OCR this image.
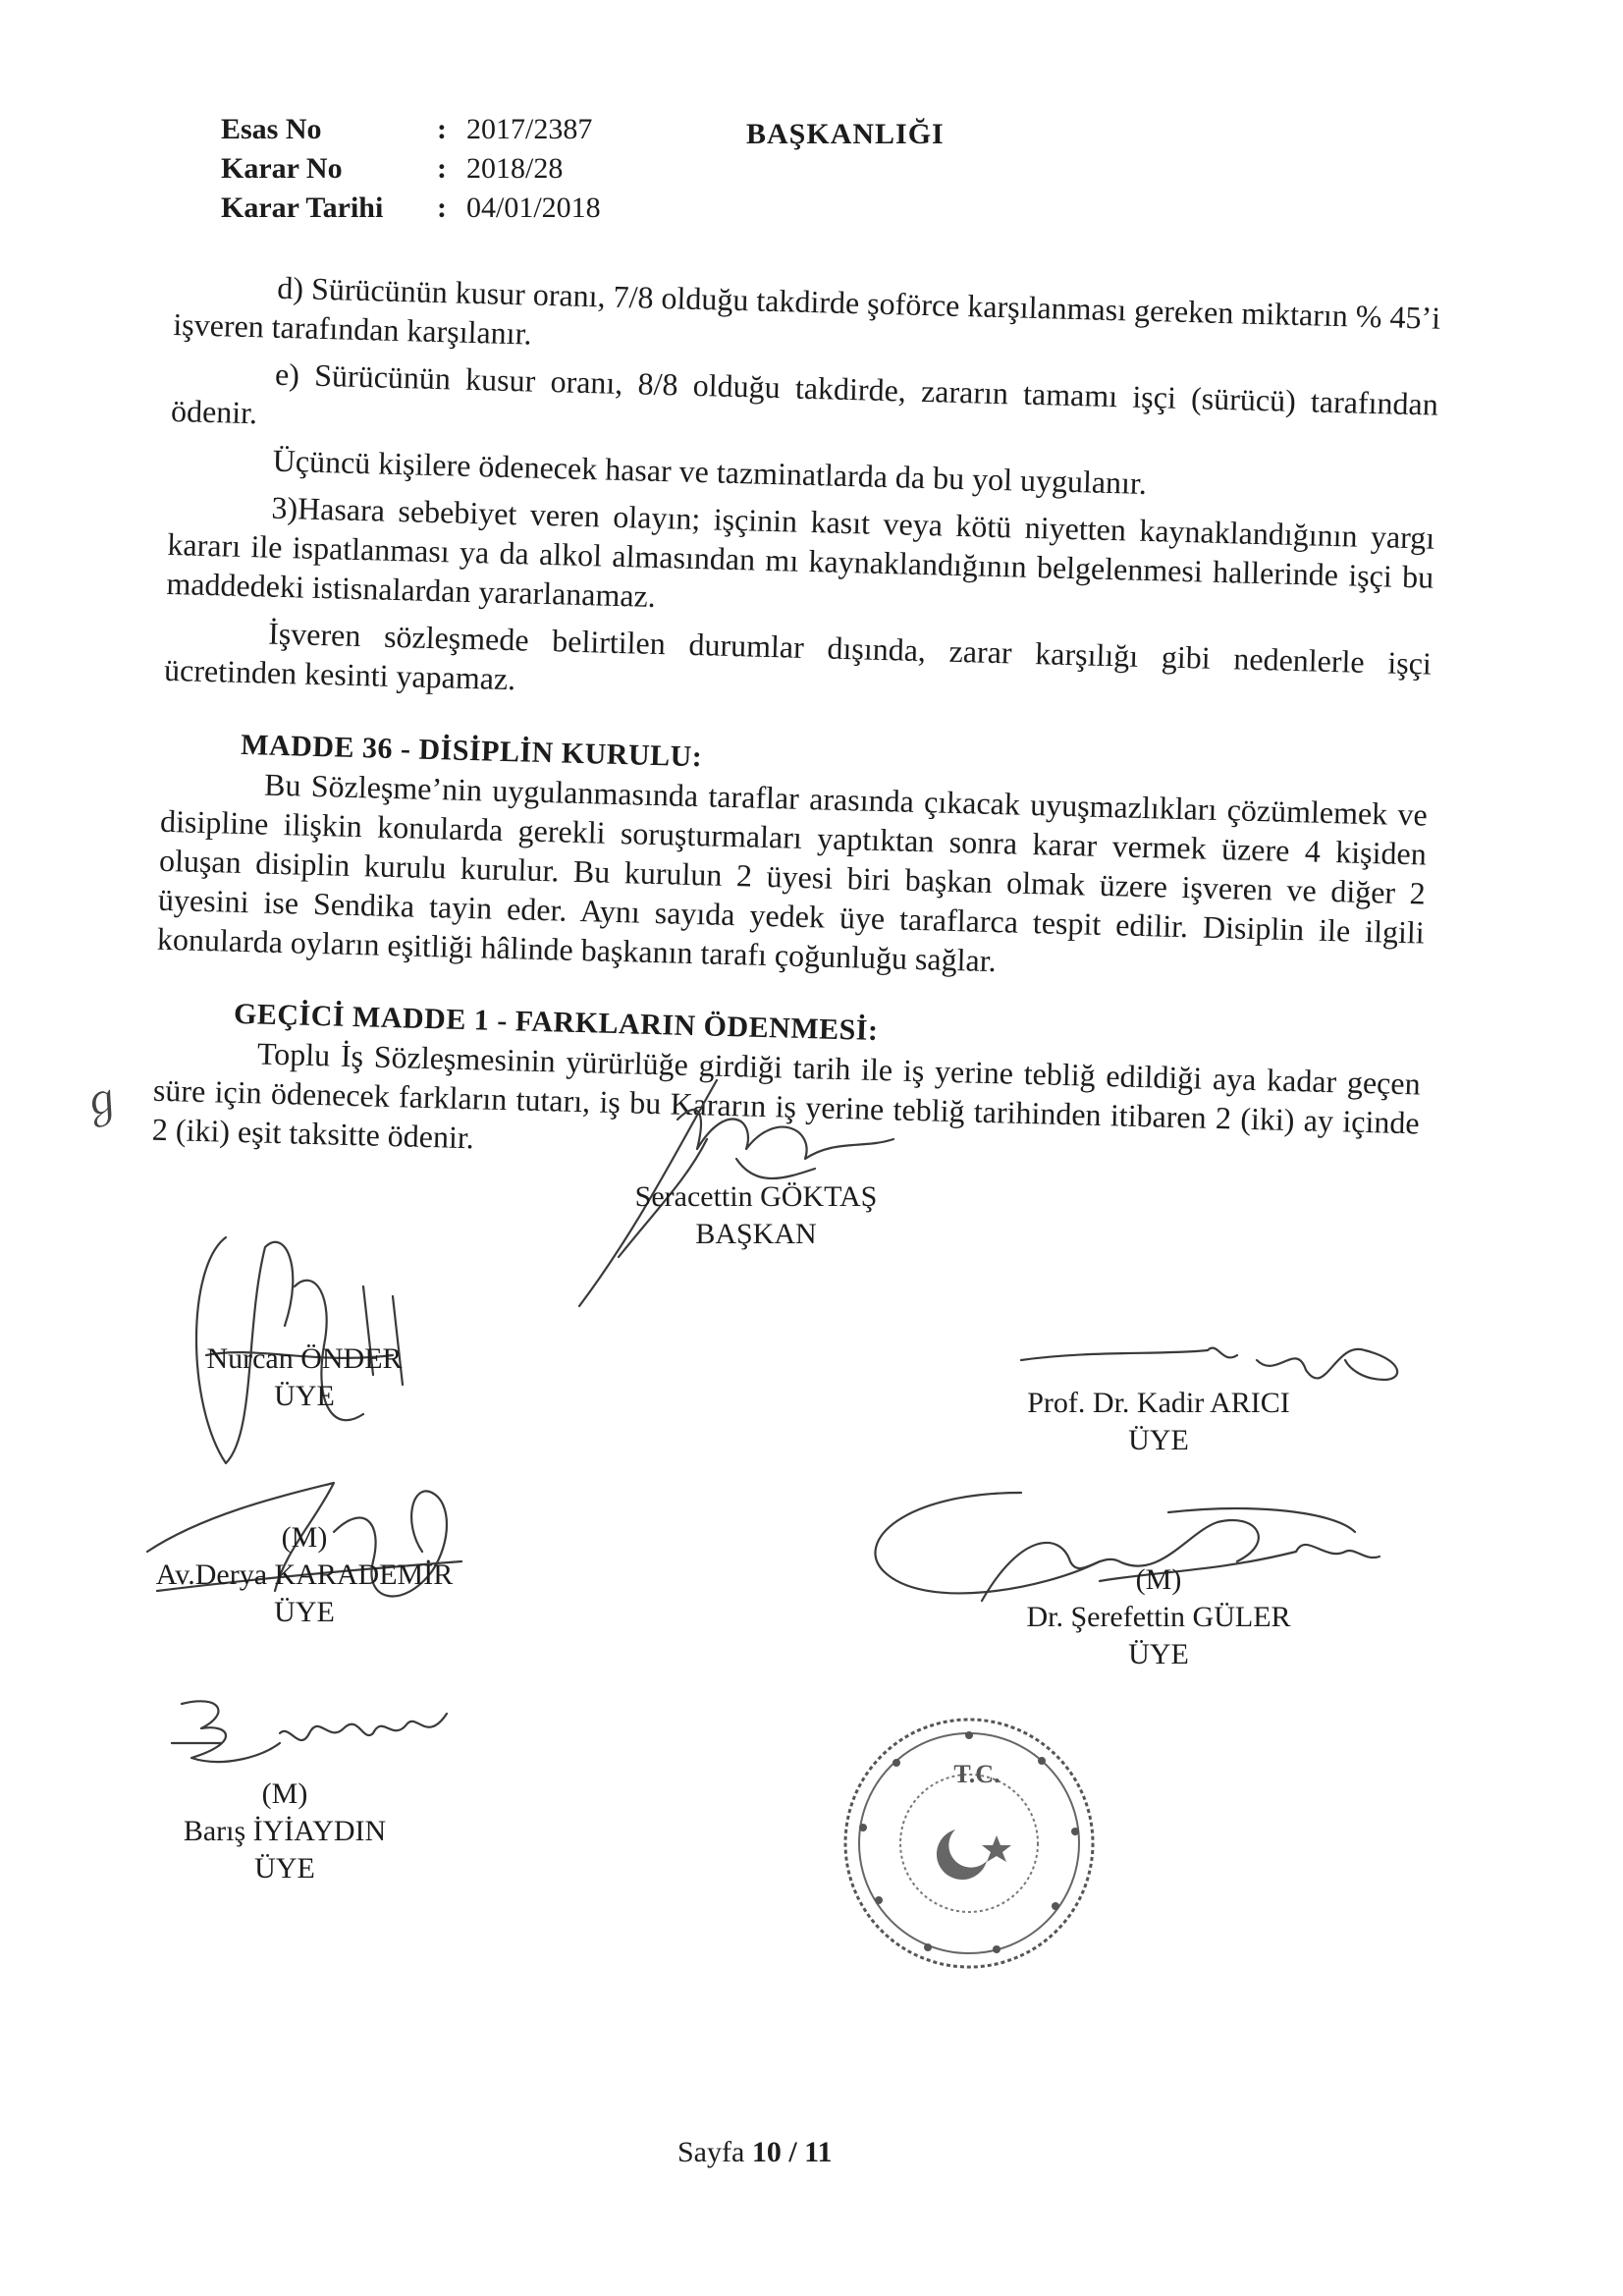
Esas No	: 2017/2387
Karar No	: 2018/28
Karar Tarihi : 04/01/2018
BAŞKANLIĞI

d) Sürücünün kusur oranı, 7/8 olduğu takdirde şoförce karşılanması gereken miktarın % 45’i işveren tarafından karşılanır.

e) Sürücünün kusur oranı, 8/8 olduğu takdirde, zararın tamamı işçi (sürücü) tarafından ödenir.

Üçüncü kişilere ödenecek hasar ve tazminatlarda da bu yol uygulanır.

3)Hasara sebebiyet veren olayın; işçinin kasıt veya kötü niyetten kaynaklandığının yargı kararı ile ispatlanması ya da alkol almasından mı kaynaklandığının belgelenmesi hallerinde işçi bu maddedeki istisnalardan yararlanamaz.

İşveren sözleşmede belirtilen durumlar dışında, zarar karşılığı gibi nedenlerle işçi ücretinden kesinti yapamaz.

MADDE 36 - DİSİPLİN KURULU:

Bu Sözleşme’nin uygulanmasında taraflar arasında çıkacak uyuşmazlıkları çözümlemek ve disipline ilişkin konularda gerekli soruşturmaları yaptıktan sonra karar vermek üzere 4 kişiden oluşan disiplin kurulu kurulur. Bu kurulun 2 üyesi biri başkan olmak üzere işveren ve diğer 2 üyesini ise Sendika tayin eder. Aynı sayıda yedek üye taraflarca tespit edilir. Disiplin ile ilgili konularda oyların eşitliği hâlinde başkanın tarafı çoğunluğu sağlar.

GEÇİCİ MADDE 1 - FARKLARIN ÖDENMESİ:

Toplu İş Sözleşmesinin yürürlüğe girdiği tarih ile iş yerine tebliğ edildiği aya kadar geçen süre için ödenecek farkların tutarı, iş bu Kararın iş yerine tebliğ tarihinden itibaren 2 (iki) ay içinde 2 (iki) eşit taksitte ödenir.

ℊ
Seracettin GÖKTAŞ
BAŞKAN
Nurcan ÖNDER
ÜYE	Prof. Dr. Kadir ARICI
ÜYE
(M)
Av.Derya KARADEMİR
ÜYE
(M)
Dr. Şerefettin GÜLER
ÜYE
(M)
Barış İYİAYDIN
ÜYE
T.C.
Sayfa 10 / 11
